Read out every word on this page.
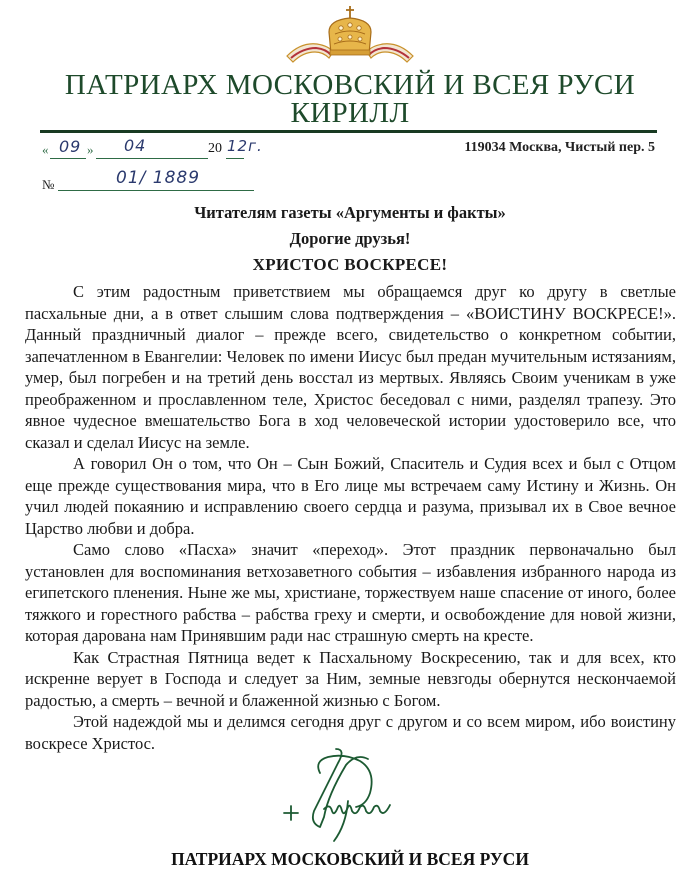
ПАТРИАРХ МОСКОВСКИЙ И ВСЕЯ РУСИ
КИРИЛЛ
« 09 » 04	20 12г.
№	01/ 1889
119034 Москва, Чистый пер. 5
Читателям газеты «Аргументы и факты»
Дорогие друзья!
ХРИСТОС ВОСКРЕСЕ!

С этим радостным приветствием мы обращаемся друг ко другу в светлые пасхальные дни, а в ответ слышим слова подтверждения – «ВОИСТИНУ ВОСКРЕСЕ!». Данный праздничный диалог – прежде всего, свидетельство о конкретном событии, запечатленном в Евангелии: Человек по имени Иисус был предан мучительным истязаниям, умер, был погребен и на третий день восстал из мертвых. Являясь Своим ученикам в уже преображенном и прославленном теле, Христос беседовал с ними, разделял трапезу. Это явное чудесное вмешательство Бога в ход человеческой истории удостоверило все, что сказал и сделал Иисус на земле.

А говорил Он о том, что Он – Сын Божий, Спаситель и Судия всех и был с Отцом еще прежде существования мира, что в Его лице мы встречаем саму Истину и Жизнь. Он учил людей покаянию и исправлению своего сердца и разума, призывал их в Свое вечное Царство любви и добра.

Само слово «Пасха» значит «переход». Этот праздник первоначально был установлен для воспоминания ветхозаветного события – избавления избранного народа из египетского пленения. Ныне же мы, христиане, торжествуем наше спасение от иного, более тяжкого и горестного рабства – рабства греху и смерти, и освобождение для новой жизни, которая дарована нам Принявшим ради нас страшную смерть на кресте.

Как Страстная Пятница ведет к Пасхальному Воскресению, так и для всех, кто искренне верует в Господа и следует за Ним, земные невзгоды обернутся нескончаемой радостью, а смерть – вечной и блаженной жизнью с Богом.

Этой надеждой мы и делимся сегодня друг с другом и со всем миром, ибо воистину воскресе Христос.

ПАТРИАРХ МОСКОВСКИЙ И ВСЕЯ РУСИ
